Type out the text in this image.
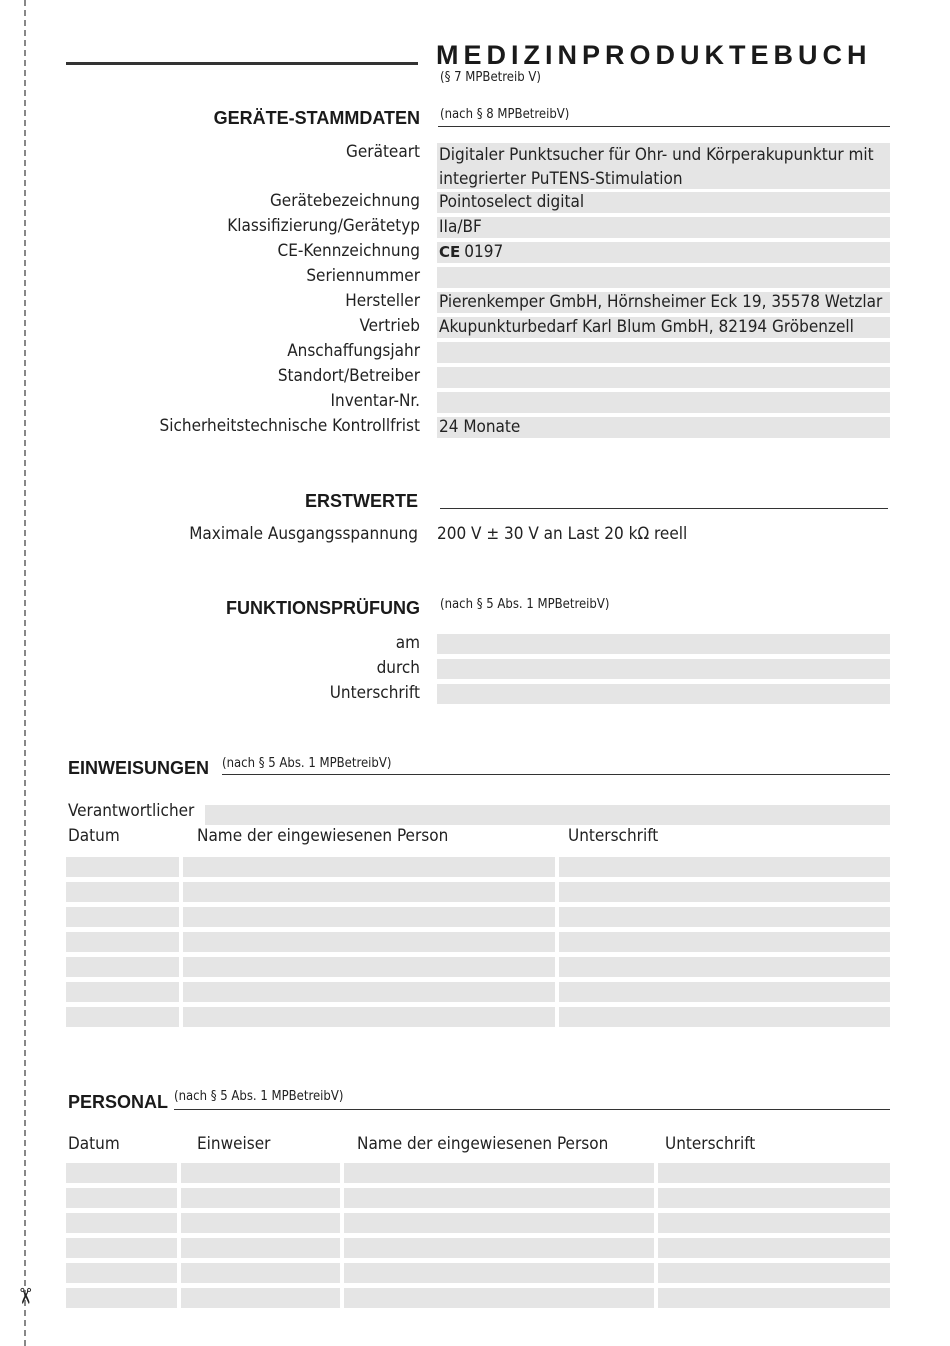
✂
MEDIZINPRODUKTEBUCH
(§ 7 MPBetreib V)
GERÄTE-STAMMDATEN (nach § 8 MPBetreibV)
Geräteart Digitaler Punktsucher für Ohr- und Körperakupunktur mit
integrierter PuTENS-Stimulation
Gerätebezeichnung Pointoselect digital
Klassifizierung/Gerätetyp IIa/BF
CE-Kennzeichnung CE 0197
Seriennummer
Hersteller Pierenkemper GmbH, Hörnsheimer Eck 19, 35578 Wetzlar
Vertrieb Akupunkturbedarf Karl Blum GmbH, 82194 Gröbenzell
Anschaffungsjahr
Standort/Betreiber
Inventar-Nr.
Sicherheitstechnische Kontrollfrist 24 Monate
ERSTWERTE
Maximale Ausgangsspannung 200 V ± 30 V an Last 20 kΩ reell
FUNKTIONSPRÜFUNG (nach § 5 Abs. 1 MPBetreibV)
am
durch
Unterschrift
EINWEISUNGEN (nach § 5 Abs. 1 MPBetreibV)
Verantwortlicher
Datum	Name der eingewiesenen Person	Unterschrift
PERSONAL (nach § 5 Abs. 1 MPBetreibV)
Datum	Einweiser	Name der eingewiesenen Person	Unterschrift
